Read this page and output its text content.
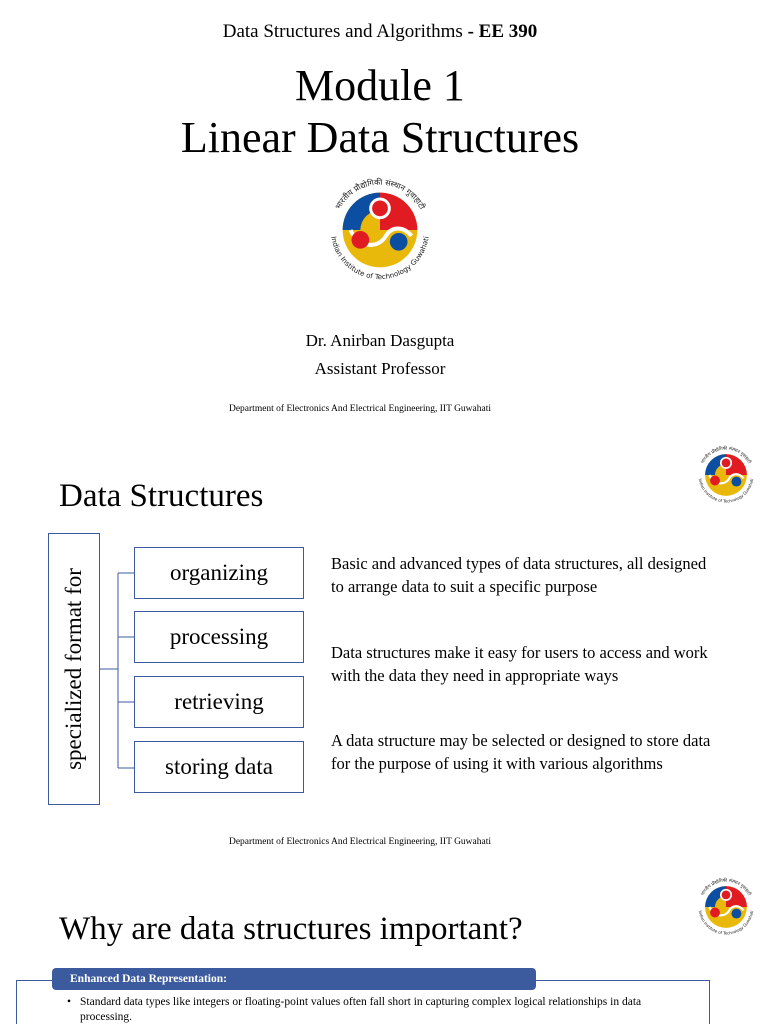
Data Structures and Algorithms - EE 390
Module 1
Linear Data Structures
भारतीय प्रौद्योगिकी संस्थान गुवाहाटी
Indian Institute of Technology Guwahati
Dr. Anirban Dasgupta
Assistant Professor
Department of Electronics And Electrical Engineering, IIT Guwahati
भारतीय प्रौद्योगिकी संस्थान गुवाहाटी
Indian Institute of Technology Guwahati
Data Structures
specialized format for	organizing
processing
retrieving
storing data
Basic and advanced types of data structures, all designed to arrange data to suit a specific purpose
Data structures make it easy for users to access and work with the data they need in appropriate ways
A data structure may be selected or designed to store data for the purpose of using it with various algorithms
Department of Electronics And Electrical Engineering, IIT Guwahati
भारतीय प्रौद्योगिकी संस्थान गुवाहाटी
Indian Institute of Technology Guwahati
Why are data structures important?
Enhanced Data Representation:
• Standard data types like integers or floating-point values often fall short in capturing complex logical relationships in data processing.
